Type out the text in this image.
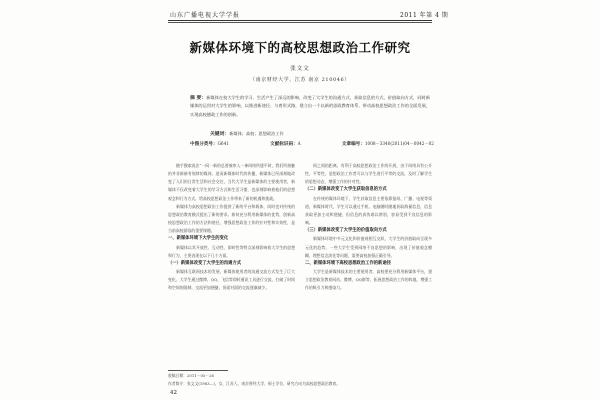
山东广播电视大学学报	2011 年第 4 期
新媒体环境下的高校思想政治工作研究
张文文
（南京财经大学，江苏 南京 210046）
摘 要：新媒体在校大学生的学习、生活产生了深远的影响，改变了大学生的沟通方式、获取信息的方式、价值取向方式，同时新媒体的运用对大学生的影响，以推进新途径、与育形式路，建立出一个以新的思政教育体系，带动高校思想政治工作的全面发展，实现高校德政工作的创新。
关键词：新媒体；高校；思想政治工作
中图分类号：G641	文献标识码：A	文章编号：1008－3340(2011)04－0042－02

随手搜索说法“一网一新的总要被审入一神网络所建平时，我们所接触的并非新新有规律的媒体，进而新媒体时代的传播，新媒体已经深刻地改变了人们的日常生活和社会交往，当代大学生是新媒体的主要使用者，新媒体不仅改变着大学生的学习方式和生活习惯，也深刻影响着他们的思想观念和行为方式，给高校思想政治工作带来了新的机遇和挑战。

新媒体为高校思想政治工作提供了新的平台和载体，同时也对传统的思想政治教育模式提出了新的要求。如何充分利用新媒体的优势，创新高校思想政治工作的方法和途径，增强思想政治工作的针对性和实效性，是当前高校面临的重要课题。

一、新媒体环境下大学生的变化

新媒体以其开放性、互动性、即时性等特点深刻影响着大学生的思想和行为，主要表现在以下几个方面。

（一）新媒体改变了大学生的沟通方式

新媒体互联网技术的发展，新媒体使用者的沟通交流方式发生了巨大变化，大学生通过微博、QQ、飞信等即时通讯工具进行交流，打破了时间和空间的限制，交流更加便捷，但面对面的交流逐渐减少。

网之间的距离，有利于高校思想政治工作的开展，由于网络具有公开性，平等性，思想政治工作者可以与学生进行平等的交流，及时了解学生的思想动态，增强工作的针对性。

（二）新媒体改变了大学生获取信息的方式

在传统的媒体环境下，学生获取信息主要依靠报纸、广播、电视等渠道，新媒体时代，学生可以通过手机、电脑随时随地获取海量信息，信息获取更加主动和便捷，但信息的真伪难以辨别，容易受到不良信息的影响。

（三）新媒体改变了大学生的价值取向方式

新媒体环境中多元文化和价值观相互交织，大学生的价值取向呈现多元化的趋势，一些大学生受到网络不良思想的影响，出现了价值观念模糊、理想信念淡化等问题，需要高校加强正确引导。

二、新媒体环境下高校思想政治工作的新途径

大学生是新媒体技术的主要使用者，高校要充分利用新媒体平台，建立思想政治教育网站、微博、QQ群等，拓展思想政治工作的阵地，增强工作的吸引力和感染力。

收稿日期：2011－05－26
作者简介：张文文(1983—)，女，江苏人，南京财经大学，硕士学位，研究方向为高校思想政治教育。
42
